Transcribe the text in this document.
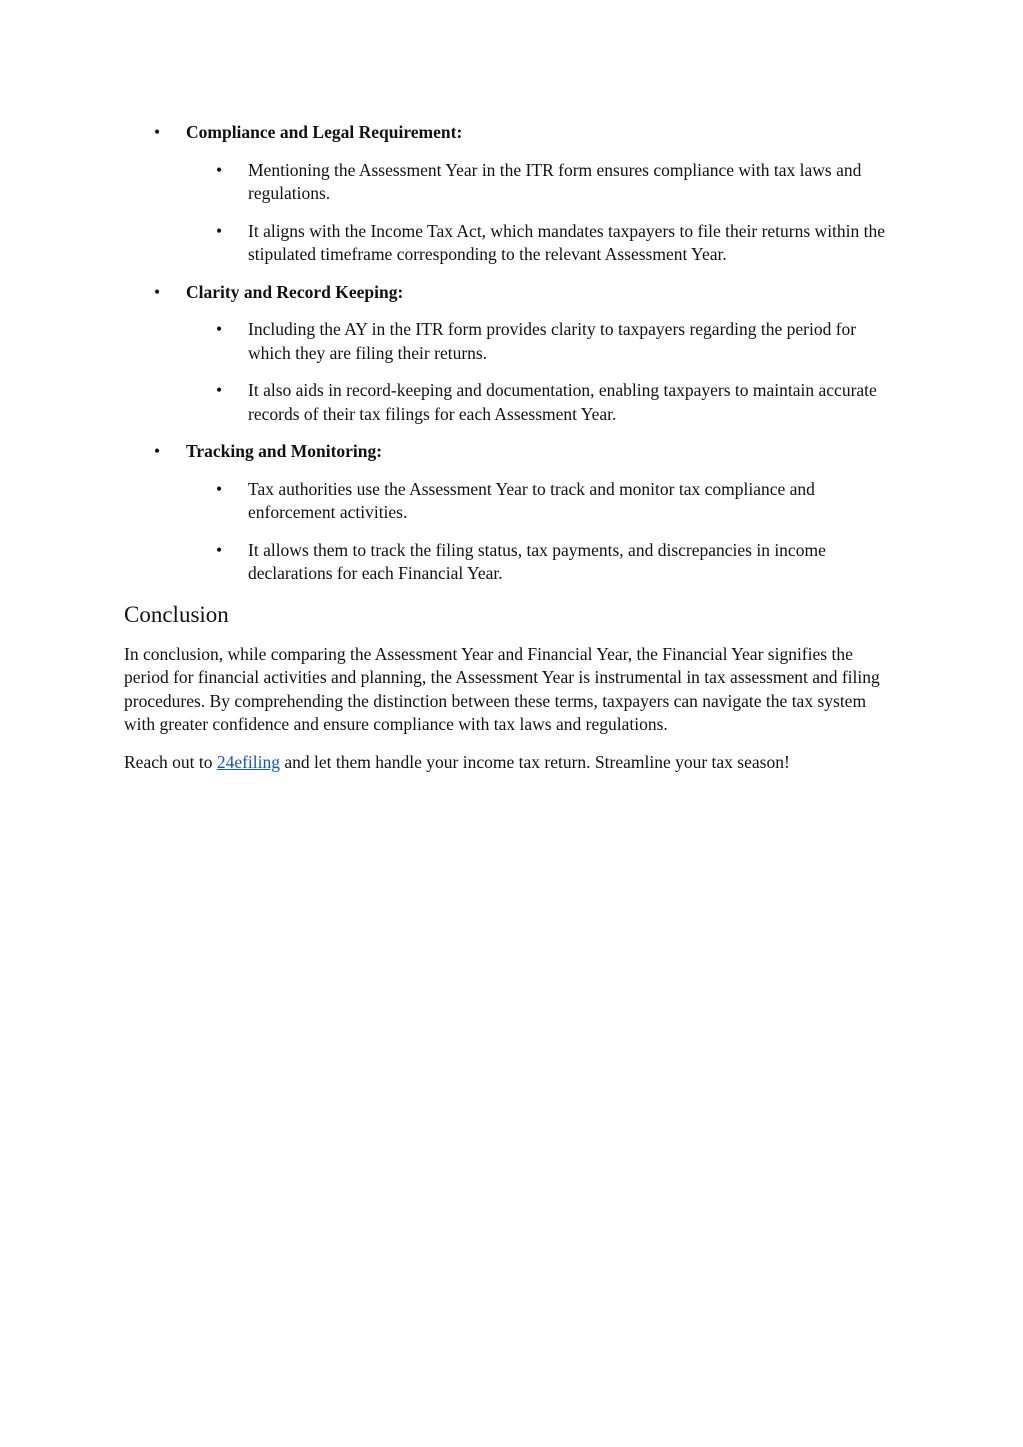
• Compliance and Legal Requirement:
• Mentioning the Assessment Year in the ITR form ensures compliance with tax laws and regulations.
• It aligns with the Income Tax Act, which mandates taxpayers to file their returns within the stipulated timeframe corresponding to the relevant Assessment Year.
• Clarity and Record Keeping:
• Including the AY in the ITR form provides clarity to taxpayers regarding the period for which they are filing their returns.
• It also aids in record-keeping and documentation, enabling taxpayers to maintain accurate records of their tax filings for each Assessment Year.
• Tracking and Monitoring:
• Tax authorities use the Assessment Year to track and monitor tax compliance and enforcement activities.
• It allows them to track the filing status, tax payments, and discrepancies in income declarations for each Financial Year.
Conclusion

In conclusion, while comparing the Assessment Year and Financial Year, the Financial Year signifies the period for financial activities and planning, the Assessment Year is instrumental in tax assessment and filing procedures. By comprehending the distinction between these terms, taxpayers can navigate the tax system with greater confidence and ensure compliance with tax laws and regulations.

Reach out to 24efiling and let them handle your income tax return. Streamline your tax season!
